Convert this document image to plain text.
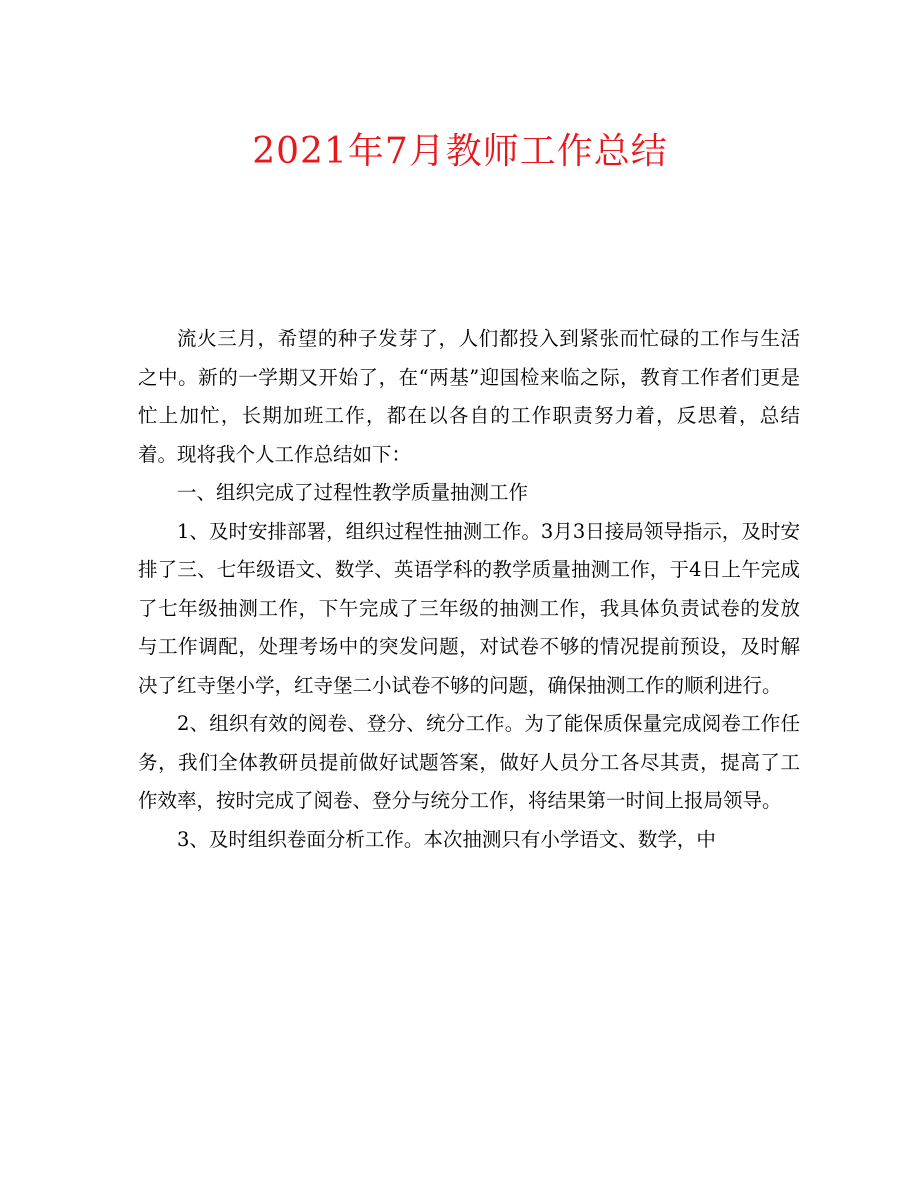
2021年7月教师工作总结

流火三月，希望的种子发芽了，人们都投入到紧张而忙碌的工作与生活之中。新的一学期又开始了，在“两基”迎国检来临之际，教育工作者们更是忙上加忙，长期加班工作，都在以各自的工作职责努力着，反思着，总结着。现将我个人工作总结如下：

一、组织完成了过程性教学质量抽测工作

1、及时安排部署，组织过程性抽测工作。3月3日接局领导指示，及时安排了三、七年级语文、数学、英语学科的教学质量抽测工作，于4日上午完成了七年级抽测工作，下午完成了三年级的抽测工作，我具体负责试卷的发放与工作调配，处理考场中的突发问题，对试卷不够的情况提前预设，及时解决了红寺堡小学，红寺堡二小试卷不够的问题，确保抽测工作的顺利进行。

2、组织有效的阅卷、登分、统分工作。为了能保质保量完成阅卷工作任务，我们全体教研员提前做好试题答案，做好人员分工各尽其责，提高了工作效率，按时完成了阅卷、登分与统分工作，将结果第一时间上报局领导。

3、及时组织卷面分析工作。本次抽测只有小学语文、数学，中
